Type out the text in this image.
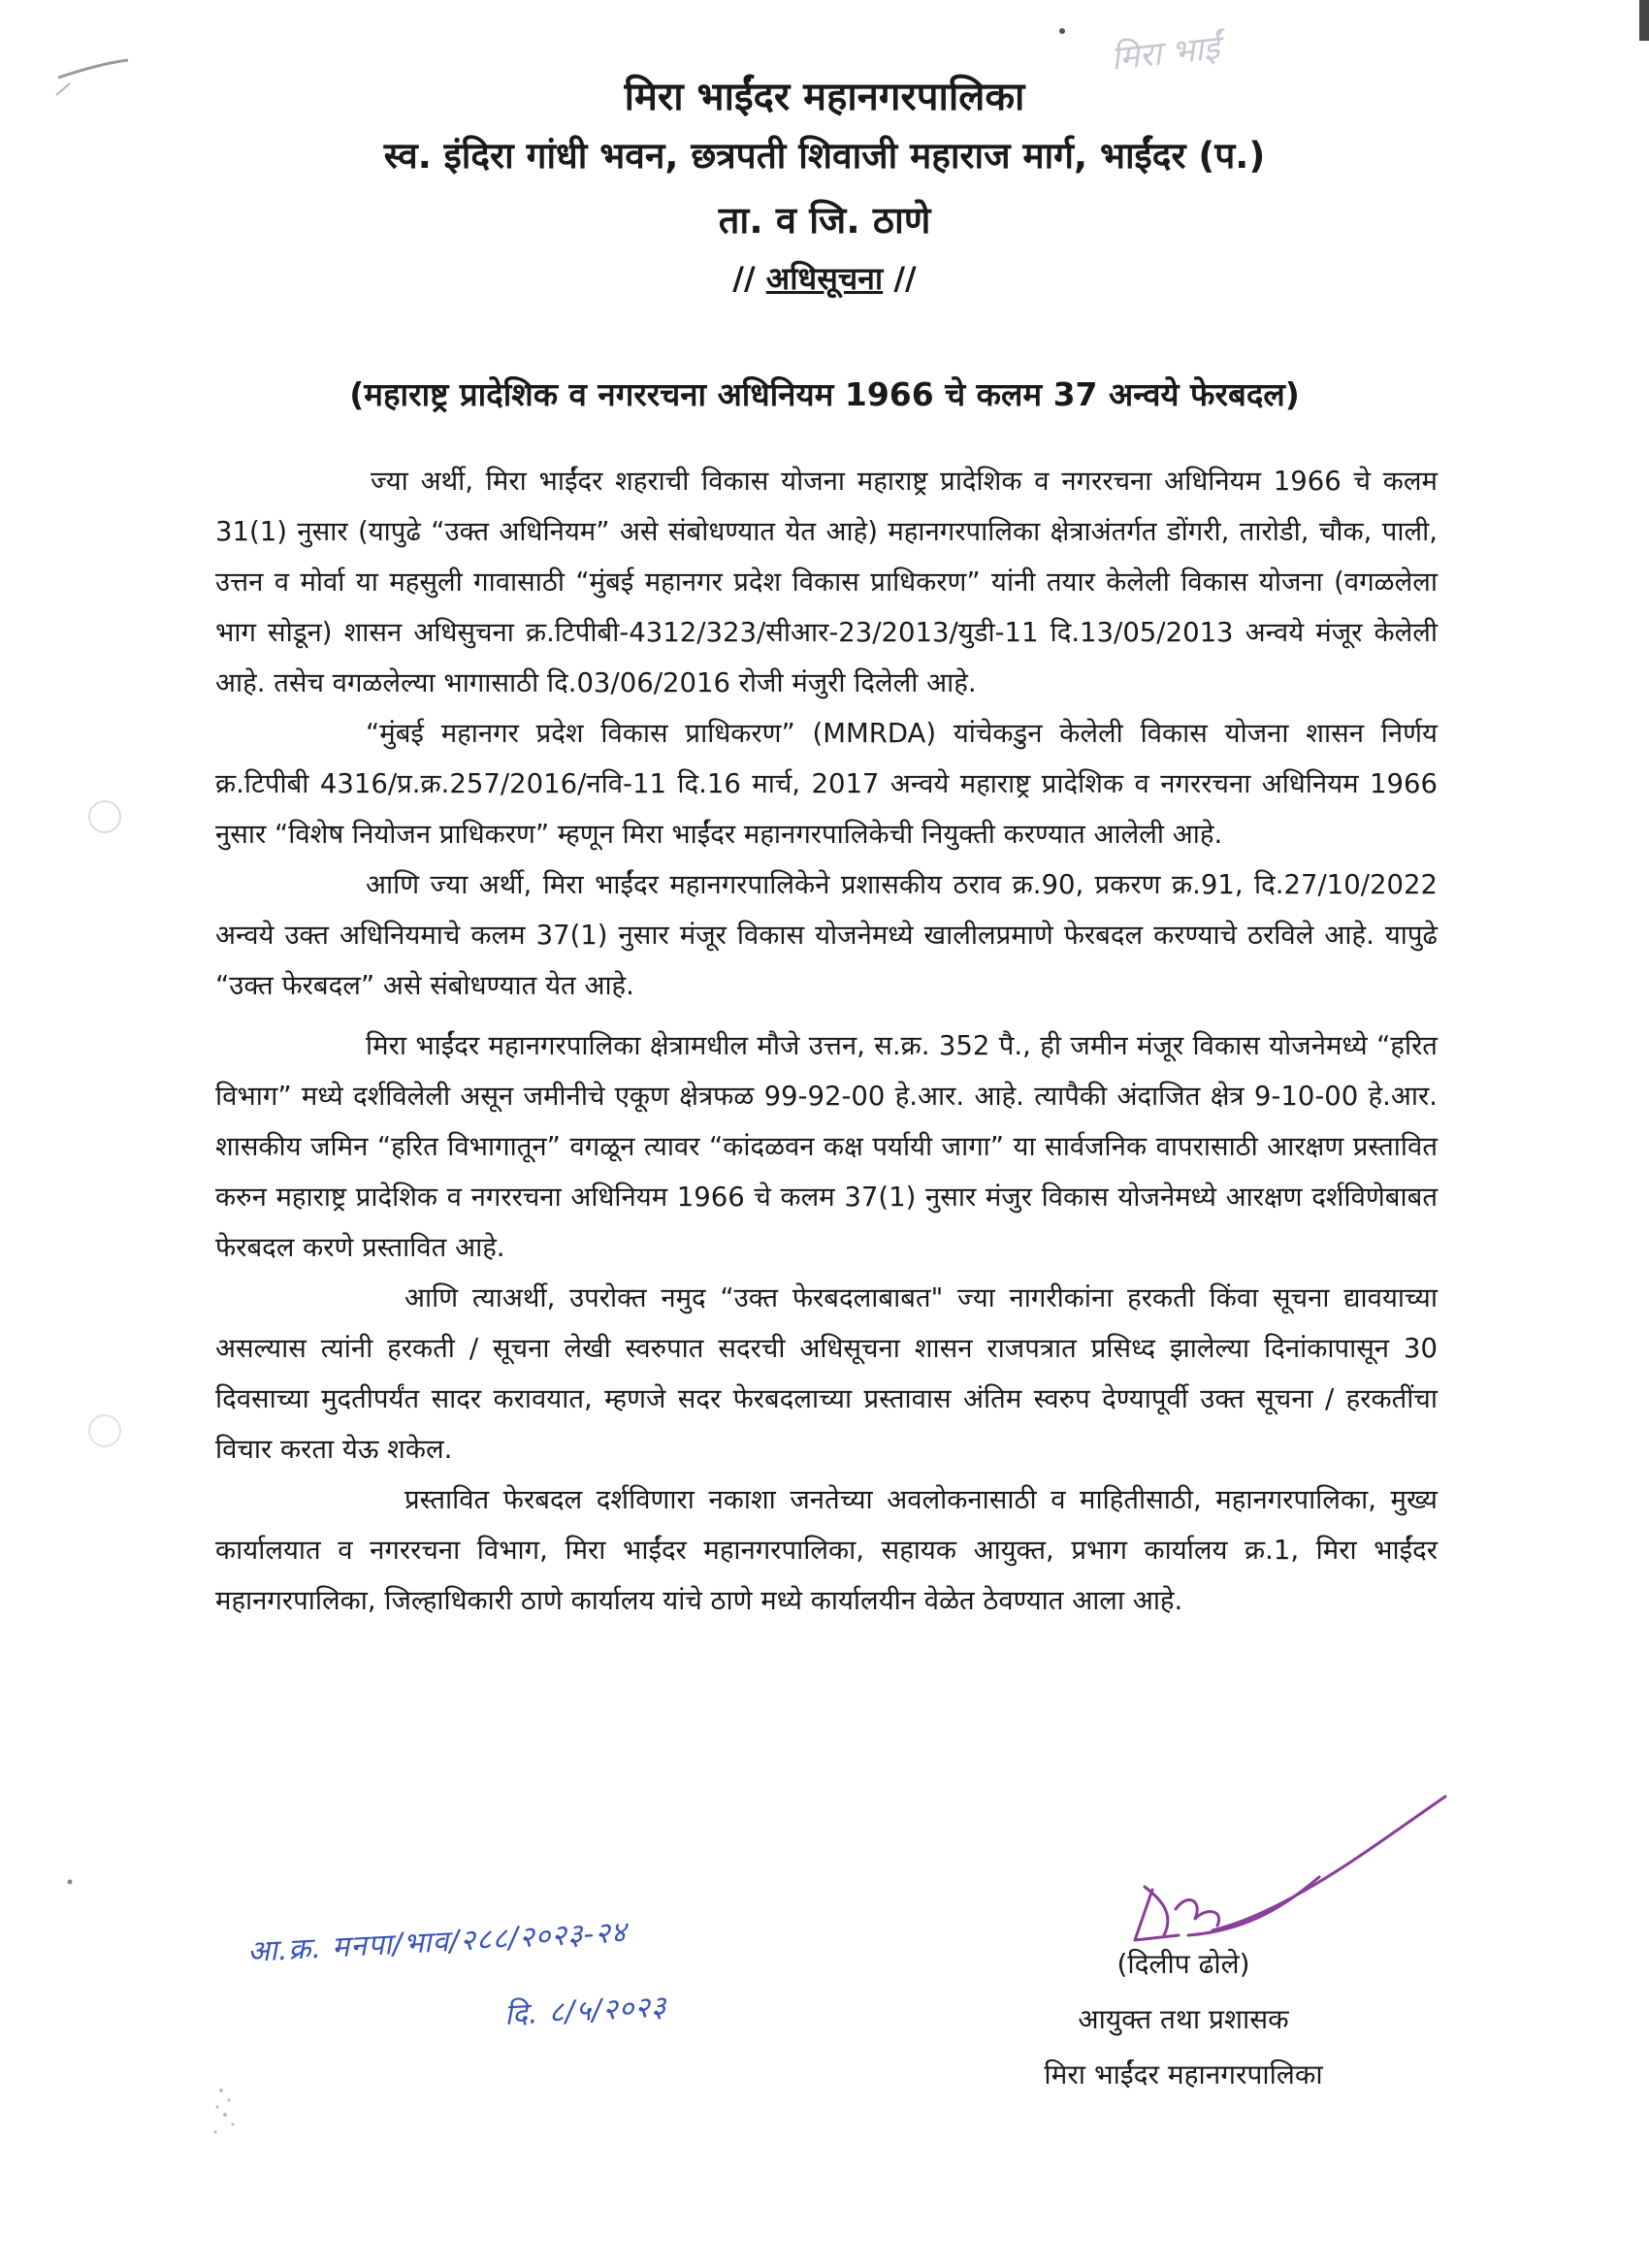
मिरा भाईंदर महानगरपालिका
स्व. इंदिरा गांधी भवन, छत्रपती शिवाजी महाराज मार्ग, भाईंदर (प.)
ता. व जि. ठाणे
// अधिसूचना //
(महाराष्ट्र प्रादेशिक व नगररचना अधिनियम 1966 चे कलम 37 अन्वये फेरबदल)

ज्या अर्थी, मिरा भाईंदर शहराची विकास योजना महाराष्ट्र प्रादेशिक व नगररचना अधिनियम 1966 चे कलम 31(1) नुसार (यापुढे “उक्त अधिनियम” असे संबोधण्यात येत आहे) महानगरपालिका क्षेत्राअंतर्गत डोंगरी, तारोडी, चौक, पाली, उत्तन व मोर्वा या महसुली गावासाठी “मुंबई महानगर प्रदेश विकास प्राधिकरण” यांनी तयार केलेली विकास योजना (वगळलेला भाग सोडून) शासन अधिसुचना क्र.टिपीबी-4312/323/सीआर-23/2013/युडी-11 दि.13/05/2013 अन्वये मंजूर केलेली आहे. तसेच वगळलेल्या भागासाठी दि.03/06/2016 रोजी मंजुरी दिलेली आहे.

“मुंबई महानगर प्रदेश विकास प्राधिकरण” (MMRDA) यांचेकडुन केलेली विकास योजना शासन निर्णय क्र.टिपीबी 4316/प्र.क्र.257/2016/नवि-11 दि.16 मार्च, 2017 अन्वये महाराष्ट्र प्रादेशिक व नगररचना अधिनियम 1966 नुसार “विशेष नियोजन प्राधिकरण” म्हणून मिरा भाईंदर महानगरपालिकेची नियुक्ती करण्यात आलेली आहे.

आणि ज्या अर्थी, मिरा भाईंदर महानगरपालिकेने प्रशासकीय ठराव क्र.90, प्रकरण क्र.91, दि.27/10/2022 अन्वये उक्त अधिनियमाचे कलम 37(1) नुसार मंजूर विकास योजनेमध्ये खालीलप्रमाणे फेरबदल करण्याचे ठरविले आहे. यापुढे “उक्त फेरबदल” असे संबोधण्यात येत आहे.

मिरा भाईंदर महानगरपालिका क्षेत्रामधील मौजे उत्तन, स.क्र. 352 पै., ही जमीन मंजूर विकास योजनेमध्ये “हरित विभाग” मध्ये दर्शविलेली असून जमीनीचे एकूण क्षेत्रफळ 99-92-00 हे.आर. आहे. त्यापैकी अंदाजित क्षेत्र 9-10-00 हे.आर. शासकीय जमिन “हरित विभागातून” वगळून त्यावर “कांदळवन कक्ष पर्यायी जागा” या सार्वजनिक वापरासाठी आरक्षण प्रस्तावित करुन महाराष्ट्र प्रादेशिक व नगररचना अधिनियम 1966 चे कलम 37(1) नुसार मंजुर विकास योजनेमध्ये आरक्षण दर्शविणेबाबत फेरबदल करणे प्रस्तावित आहे.

आणि त्याअर्थी, उपरोक्त नमुद “उक्त फेरबदलाबाबत" ज्या नागरीकांना हरकती किंवा सूचना द्यावयाच्या असल्यास त्यांनी हरकती / सूचना लेखी स्वरुपात सदरची अधिसूचना शासन राजपत्रात प्रसिध्द झालेल्या दिनांकापासून 30 दिवसाच्या मुदतीपर्यंत सादर करावयात, म्हणजे सदर फेरबदलाच्या प्रस्तावास अंतिम स्वरुप देण्यापूर्वी उक्त सूचना / हरकतींचा विचार करता येऊ शकेल.

प्रस्तावित फेरबदल दर्शविणारा नकाशा जनतेच्या अवलोकनासाठी व माहितीसाठी, महानगरपालिका, मुख्य कार्यालयात व नगररचना विभाग, मिरा भाईंदर महानगरपालिका, सहायक आयुक्त, प्रभाग कार्यालय क्र.1, मिरा भाईंदर महानगरपालिका, जिल्हाधिकारी ठाणे कार्यालय यांचे ठाणे मध्ये कार्यालयीन वेळेत ठेवण्यात आला आहे.

(दिलीप ढोले)
आयुक्त तथा प्रशासक
मिरा भाईंदर महानगरपालिका
आ.क्र. मनपा/भाव/२८८/२०२३-२४
दि. ८/५/२०२३
मिरा भाईं
